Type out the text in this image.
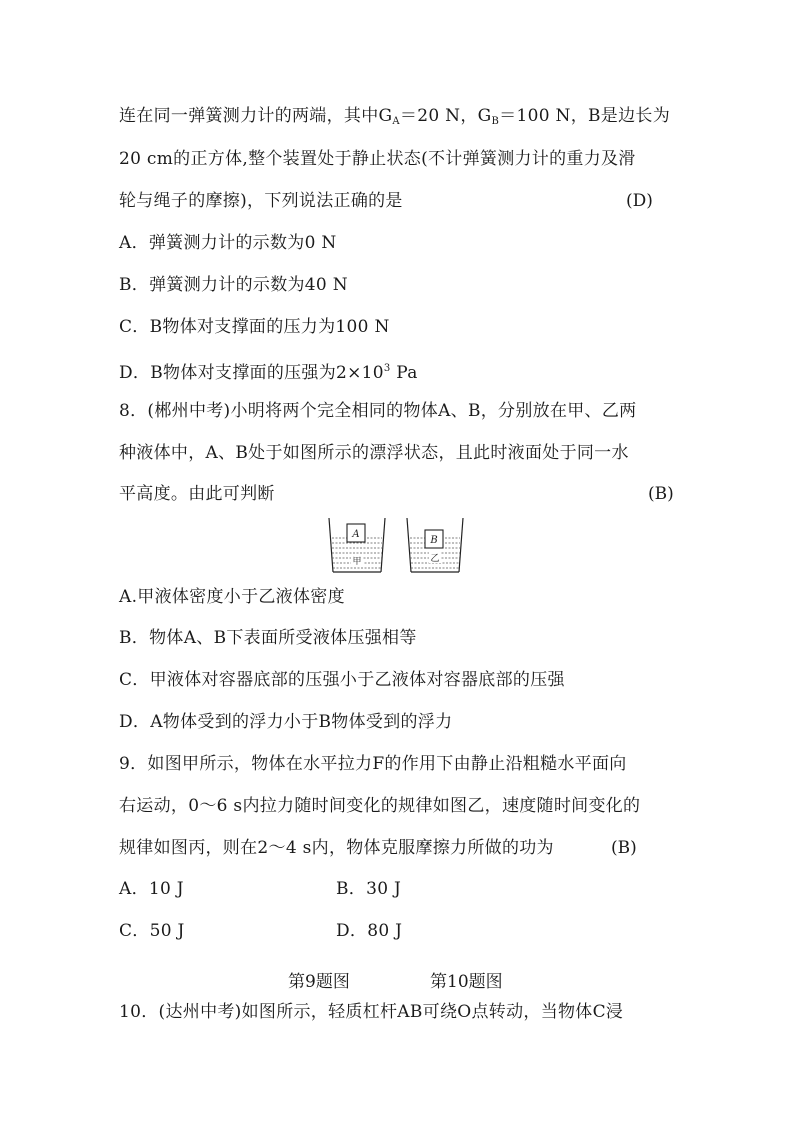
连在同一弹簧测力计的两端，其中$G_A=20$ N，$G_B=100$ N，B是边长为
20 cm的正方体,整个装置处于静止状态(不计弹簧测力计的重力及滑
轮与绳子的摩擦)，下列说法正确的是	(D)
A．弹簧测力计的示数为0 N
B．弹簧测力计的示数为40 N
C．B物体对支撑面的压力为100 N
D．B物体对支撑面的压强为$2\times 10^3$ Pa
8．(郴州中考)小明将两个完全相同的物体A、B，分别放在甲、乙两
种液体中，A、B处于如图所示的漂浮状态，且此时液面处于同一水
平高度。由此可判断	(B)
A
甲
B
乙
A.甲液体密度小于乙液体密度
B．物体A、B下表面所受液体压强相等
C．甲液体对容器底部的压强小于乙液体对容器底部的压强
D．A物体受到的浮力小于B物体受到的浮力
9．如图甲所示，物体在水平拉力F的作用下由静止沿粗糙水平面向
右运动，0～6 s内拉力随时间变化的规律如图乙，速度随时间变化的
规律如图丙，则在2～4 s内，物体克服摩擦力所做的功为	(B)
A．10 J	B．30 J
C．50 J	D．80 J
第9题图	第10题图
10．(达州中考)如图所示，轻质杠杆AB可绕O点转动，当物体C浸
